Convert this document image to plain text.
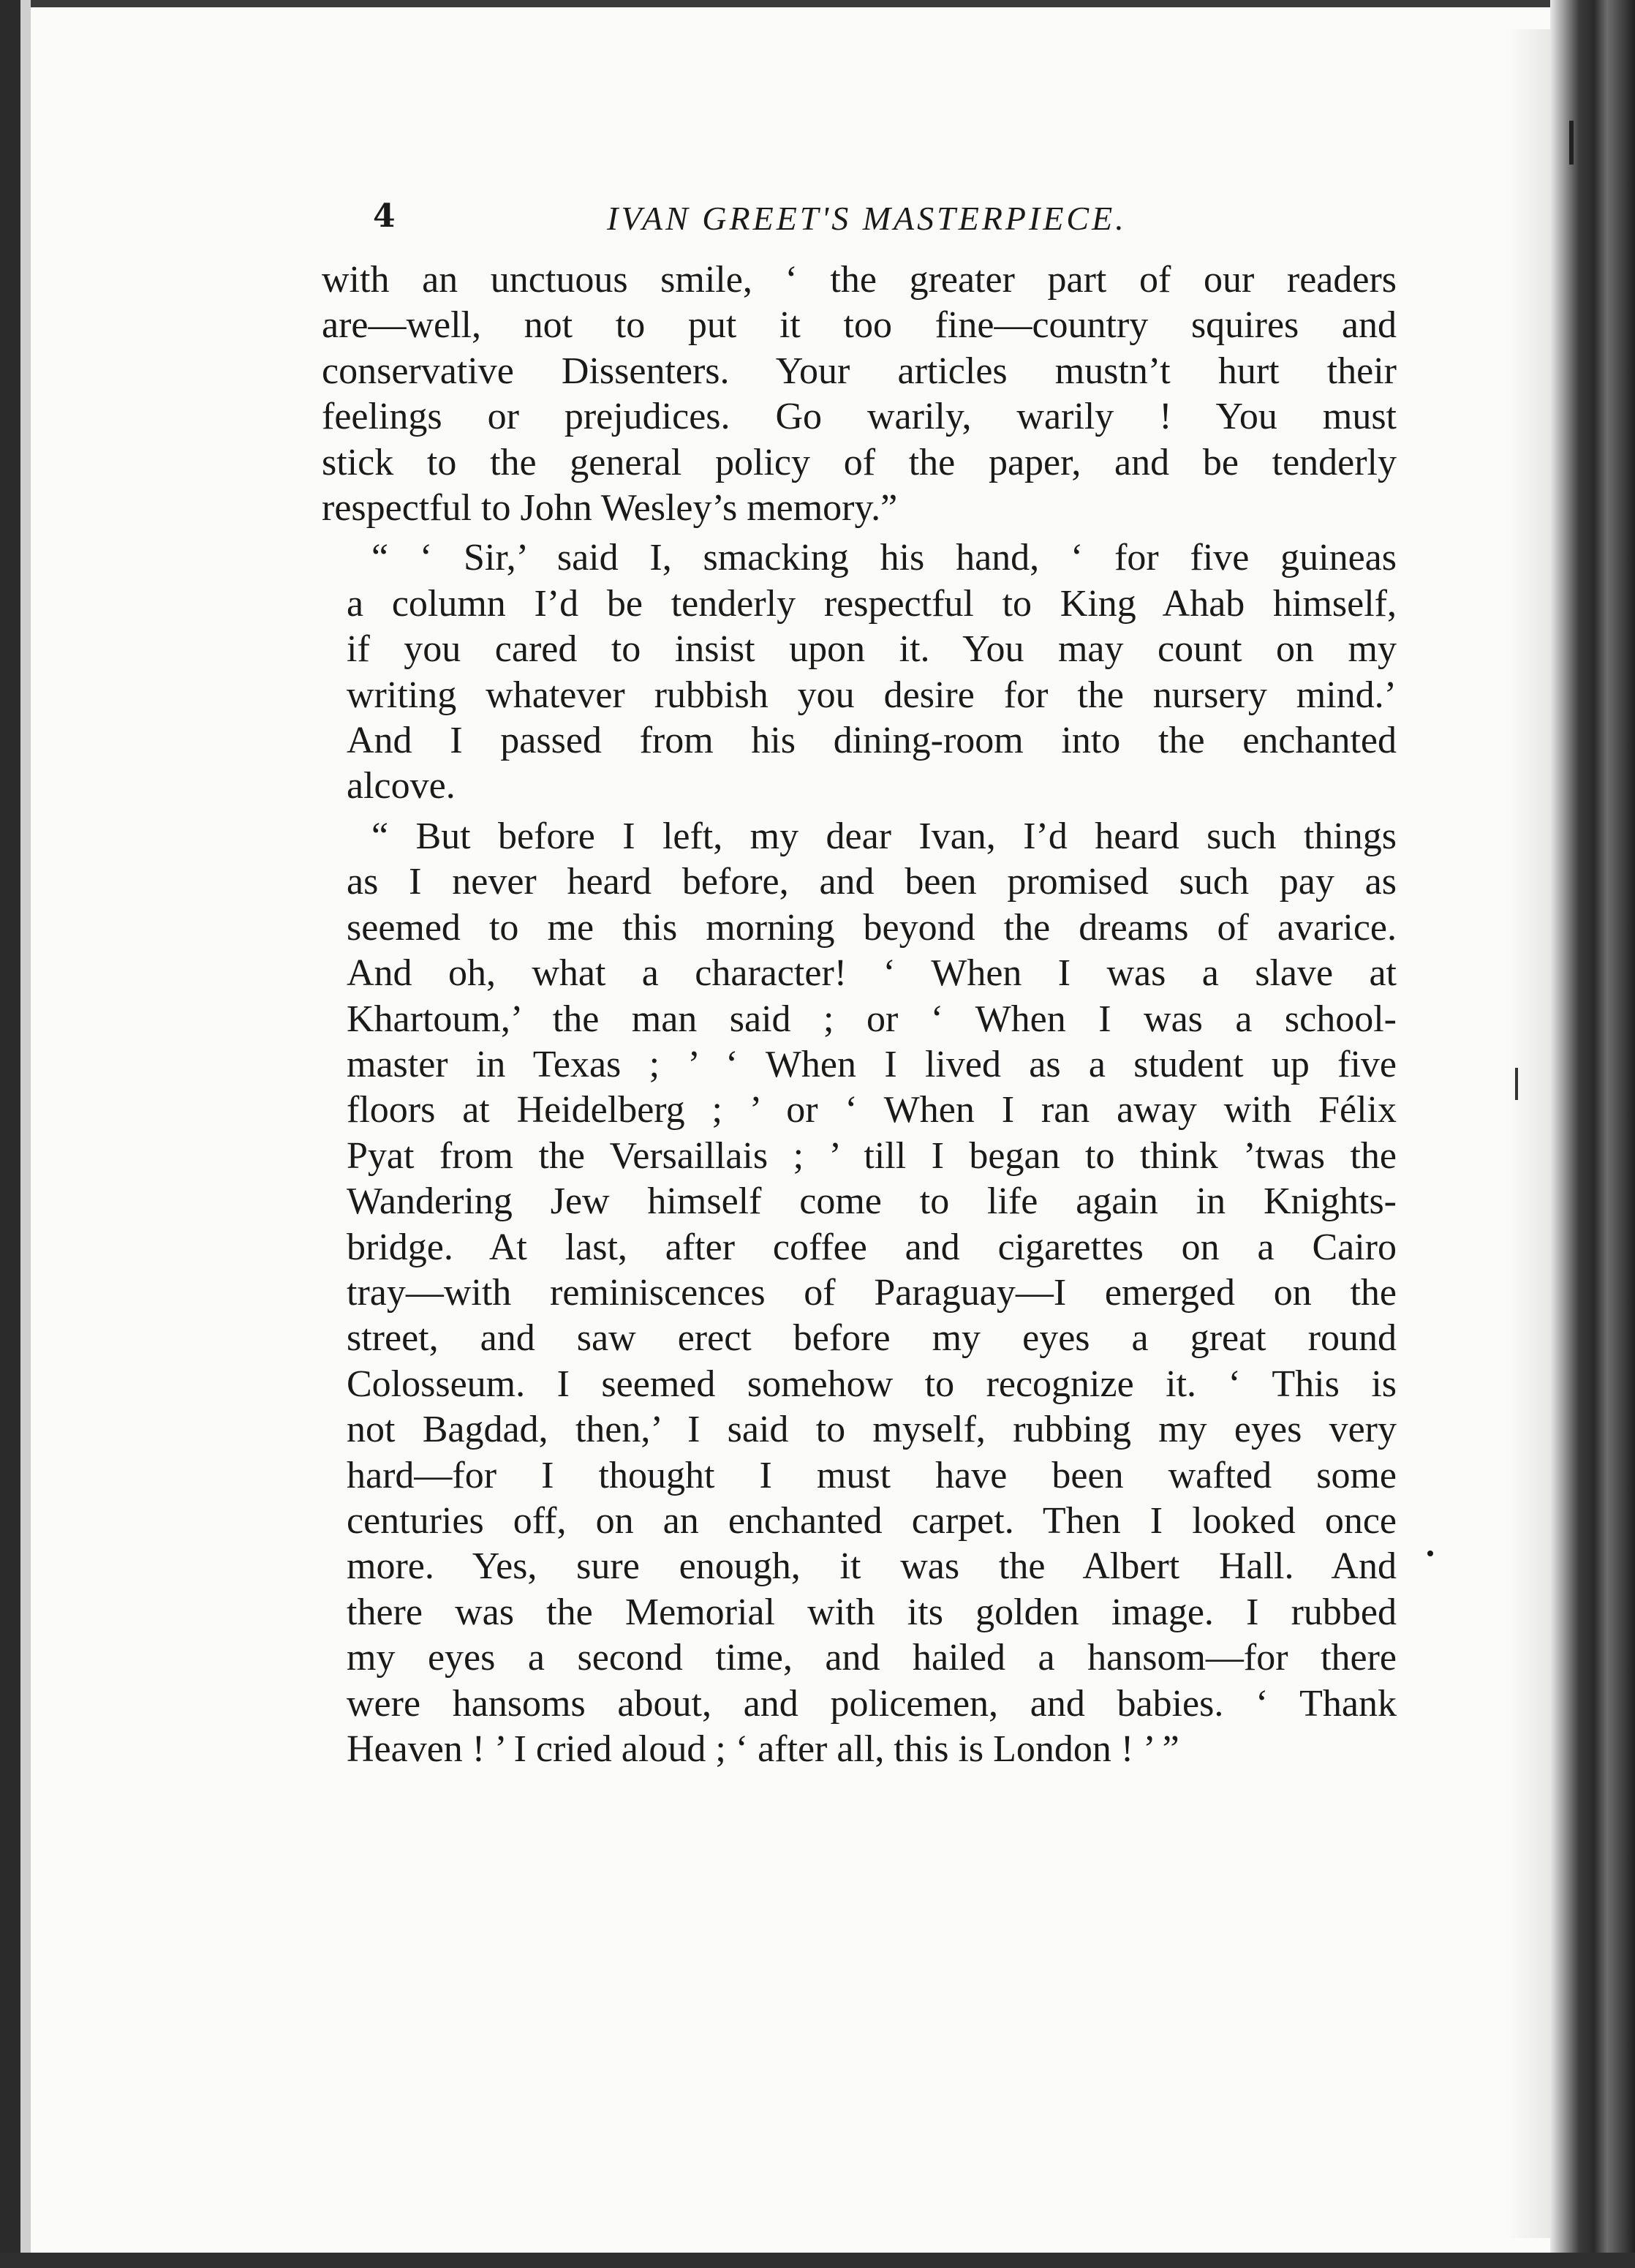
4	IVAN GREET'S MASTERPIECE.
with an unctuous smile, ‘ the greater part of our readers
are—well, not to put it too fine—country squires and
conservative Dissenters. Your articles mustn’t hurt their
feelings or prejudices. Go warily, warily ! You must
stick to the general policy of the paper, and be tenderly
respectful to John Wesley’s memory.”
“ ‘ Sir,’ said I, smacking his hand, ‘ for five guineas
a column I’d be tenderly respectful to King Ahab himself,
if you cared to insist upon it. You may count on my
writing whatever rubbish you desire for the nursery mind.’
And I passed from his dining-room into the enchanted
alcove.
“ But before I left, my dear Ivan, I’d heard such things
as I never heard before, and been promised such pay as
seemed to me this morning beyond the dreams of avarice.
And oh, what a character! ‘ When I was a slave at
Khartoum,’ the man said ; or ‘ When I was a school-
master in Texas ; ’ ‘ When I lived as a student up five
floors at Heidelberg ; ’ or ‘ When I ran away with Félix
Pyat from the Versaillais ; ’ till I began to think ’twas the
Wandering Jew himself come to life again in Knights-
bridge. At last, after coffee and cigarettes on a Cairo
tray—with reminiscences of Paraguay—I emerged on the
street, and saw erect before my eyes a great round
Colosseum. I seemed somehow to recognize it. ‘ This is
not Bagdad, then,’ I said to myself, rubbing my eyes very
hard—for I thought I must have been wafted some
centuries off, on an enchanted carpet. Then I looked once
more. Yes, sure enough, it was the Albert Hall. And
there was the Memorial with its golden image. I rubbed
my eyes a second time, and hailed a hansom—for there
were hansoms about, and policemen, and babies. ‘ Thank
Heaven ! ’ I cried aloud ; ‘ after all, this is London ! ’ ”
